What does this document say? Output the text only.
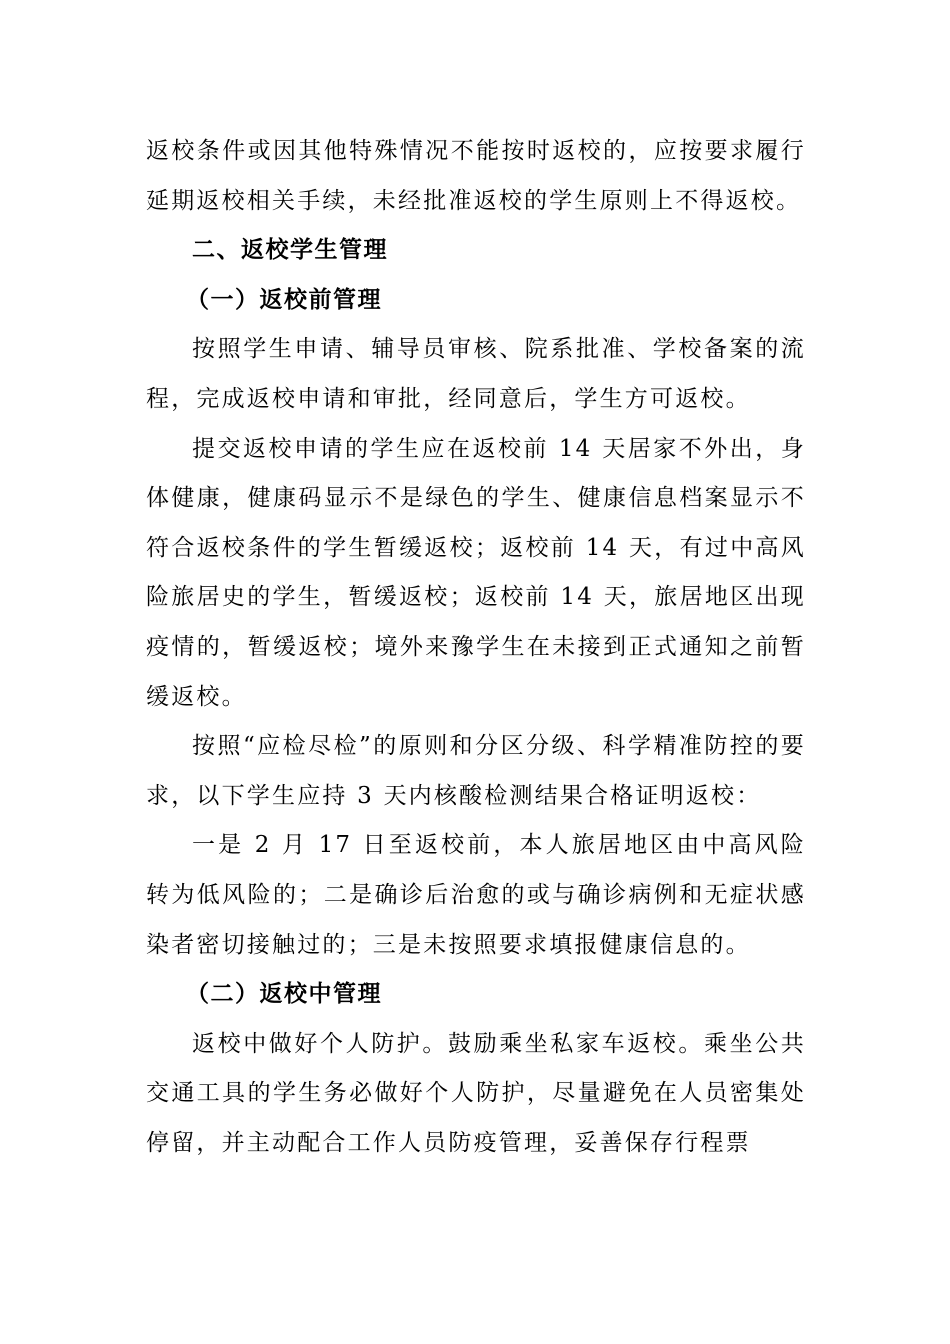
返校条件或因其他特殊情况不能按时返校的，应按要求履行延期返校相关手续，未经批准返校的学生原则上不得返校。

二、返校学生管理

（一）返校前管理

按照学生申请、辅导员审核、院系批准、学校备案的流程，完成返校申请和审批，经同意后，学生方可返校。

提交返校申请的学生应在返校前 14 天居家不外出，身体健康，健康码显示不是绿色的学生、健康信息档案显示不符合返校条件的学生暂缓返校；返校前 14 天，有过中高风险旅居史的学生，暂缓返校；返校前 14 天，旅居地区出现疫情的，暂缓返校；境外来豫学生在未接到正式通知之前暂缓返校。

按照“应检尽检”的原则和分区分级、科学精准防控的要求，以下学生应持 3 天内核酸检测结果合格证明返校：

一是 2 月 17 日至返校前，本人旅居地区由中高风险转为低风险的；二是确诊后治愈的或与确诊病例和无症状感染者密切接触过的；三是未按照要求填报健康信息的。

（二）返校中管理

返校中做好个人防护。鼓励乘坐私家车返校。乘坐公共交通工具的学生务必做好个人防护，尽量避免在人员密集处停留，并主动配合工作人员防疫管理，妥善保存行程票
